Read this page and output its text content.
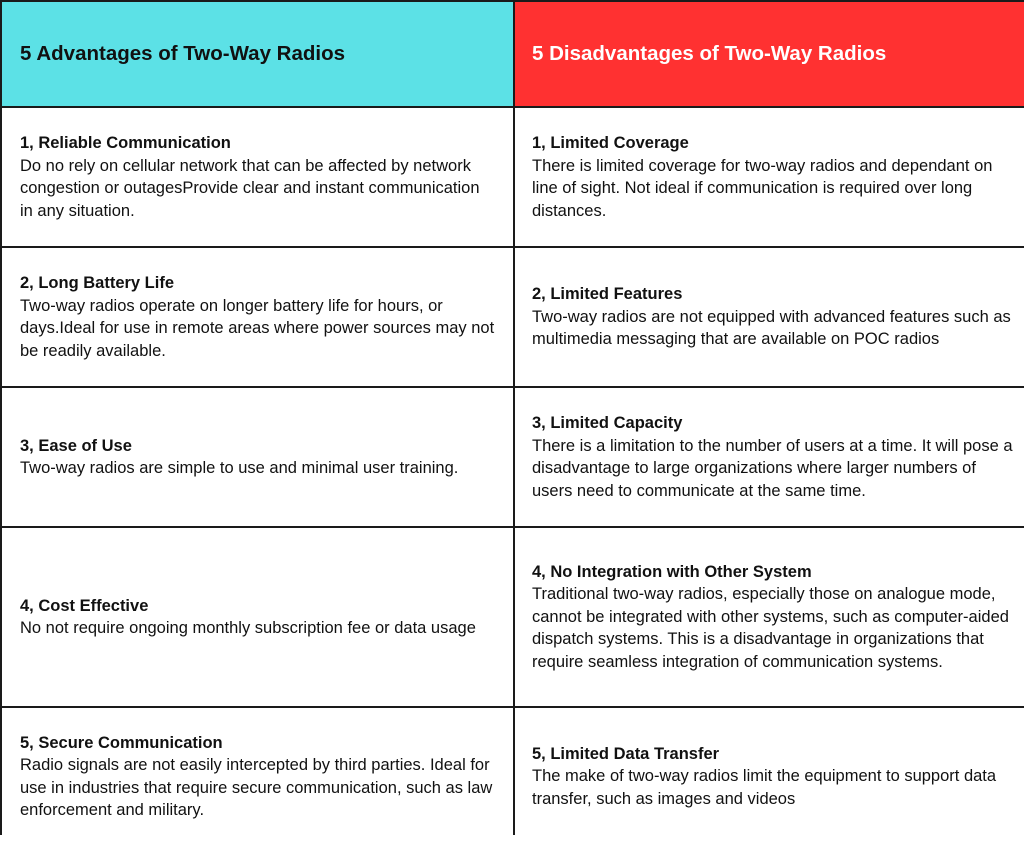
5 Advantages of Two-Way Radios	5 Disadvantages of Two-Way Radios

1, Reliable Communication

Do no rely on cellular network that can be affected by network congestion or outagesProvide clear and instant communication in any situation.

1, Limited Coverage

There is limited coverage for two-way radios and dependant on line of sight. Not ideal if communication is required over long distances.

2, Long Battery Life

Two-way radios operate on longer battery life for hours, or days.Ideal for use in remote areas where power sources may not be readily available.

2, Limited Features

Two-way radios are not equipped with advanced features such as multimedia messaging that are available on POC radios

3, Ease of Use

Two-way radios are simple to use and minimal user training.

3, Limited Capacity

There is a limitation to the number of users at a time. It will pose a disadvantage to large organizations where larger numbers of users need to communicate at the same time.

4, Cost Effective

No not require ongoing monthly subscription fee or data usage

4, No Integration with Other System

Traditional two-way radios, especially those on analogue mode, cannot be integrated with other systems, such as computer-aided dispatch systems. This is a disadvantage in organizations that require seamless integration of communication systems.

5, Secure Communication

Radio signals are not easily intercepted by third parties. Ideal for use in industries that require secure communication, such as law enforcement and military.

5, Limited Data Transfer

The make of two-way radios limit the equipment to support data transfer, such as images and videos
